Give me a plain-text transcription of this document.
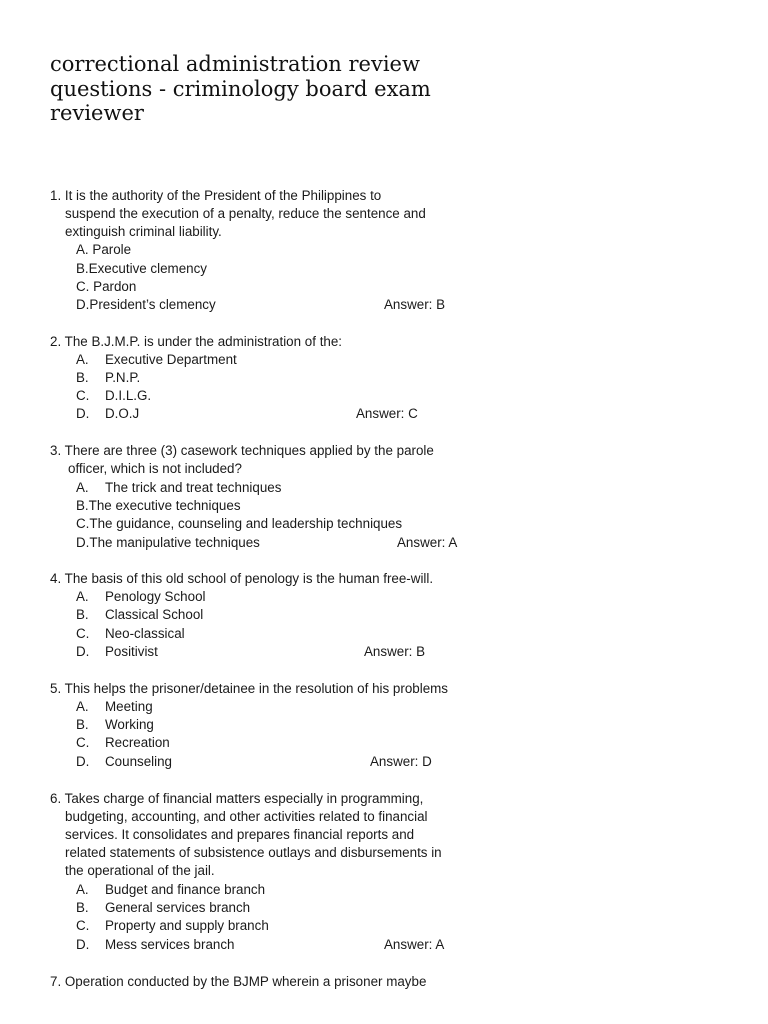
correctional administration review
questions - criminology board exam
reviewer
1. It is the authority of the President of the Philippines to
suspend the execution of a penalty, reduce the sentence and
extinguish criminal liability.
A. Parole
B.Executive clemency
C. Pardon
D.President’s clemency	Answer: B
2. The B.J.M.P. is under the administration of the:
A. Executive Department
B. P.N.P.
C. D.I.L.G.
D. D.O.J	Answer: C
3. There are three (3) casework techniques applied by the parole
officer, which is not included?
A. The trick and treat techniques
B.The executive techniques
C.The guidance, counseling and leadership techniques
D.The manipulative techniques	Answer: A
4. The basis of this old school of penology is the human free-will.
A. Penology School
B. Classical School
C. Neo-classical
D. Positivist	Answer: B
5. This helps the prisoner/detainee in the resolution of his problems
A. Meeting
B. Working
C. Recreation
D. Counseling	Answer: D
6. Takes charge of financial matters especially in programming,
budgeting, accounting, and other activities related to financial
services. It consolidates and prepares financial reports and
related statements of subsistence outlays and disbursements in
the operational of the jail.
A. Budget and finance branch
B. General services branch
C. Property and supply branch
D. Mess services branch	Answer: A
7. Operation conducted by the BJMP wherein a prisoner maybe
